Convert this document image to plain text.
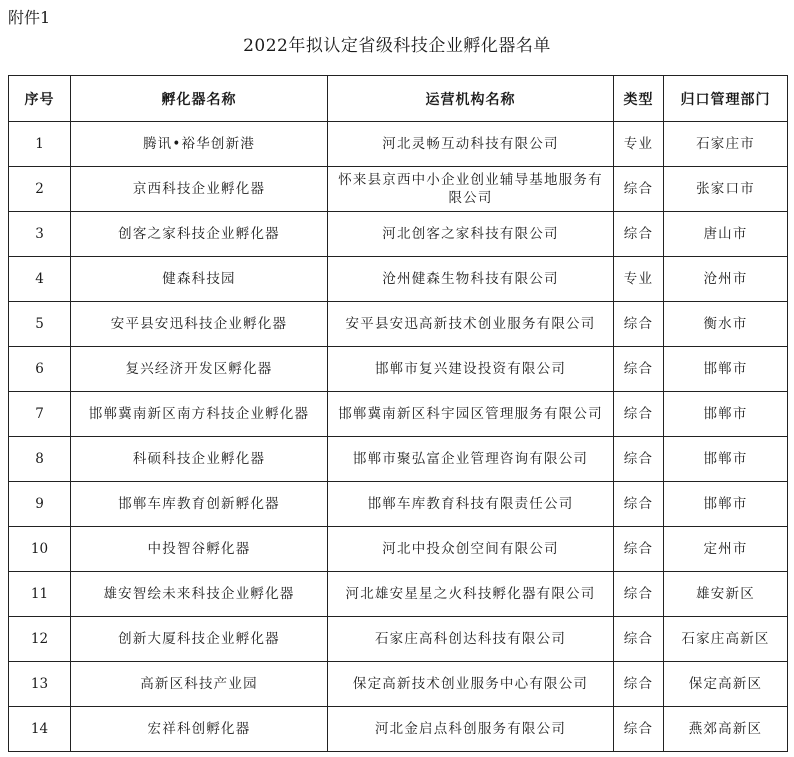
附件1
2022年拟认定省级科技企业孵化器名单
序号	孵化器名称	运营机构名称	类型	归口管理部门
1	腾讯•裕华创新港	河北灵畅互动科技有限公司	专业	石家庄市
2	京西科技企业孵化器	怀来县京西中小企业创业辅导基地服务有限公司	综合	张家口市
3	创客之家科技企业孵化器	河北创客之家科技有限公司	综合	唐山市
4	健森科技园	沧州健森生物科技有限公司	专业	沧州市
5	安平县安迅科技企业孵化器	安平县安迅高新技术创业服务有限公司	综合	衡水市
6	复兴经济开发区孵化器	邯郸市复兴建设投资有限公司	综合	邯郸市
7	邯郸冀南新区南方科技企业孵化器	邯郸冀南新区科宇园区管理服务有限公司	综合	邯郸市
8	科硕科技企业孵化器	邯郸市聚弘富企业管理咨询有限公司	综合	邯郸市
9	邯郸车库教育创新孵化器	邯郸车库教育科技有限责任公司	综合	邯郸市
10	中投智谷孵化器	河北中投众创空间有限公司	综合	定州市
11	雄安智绘未来科技企业孵化器	河北雄安星星之火科技孵化器有限公司	综合	雄安新区
12	创新大厦科技企业孵化器	石家庄高科创达科技有限公司	综合	石家庄高新区
13	高新区科技产业园	保定高新技术创业服务中心有限公司	综合	保定高新区
14	宏祥科创孵化器	河北金启点科创服务有限公司	综合	燕郊高新区
